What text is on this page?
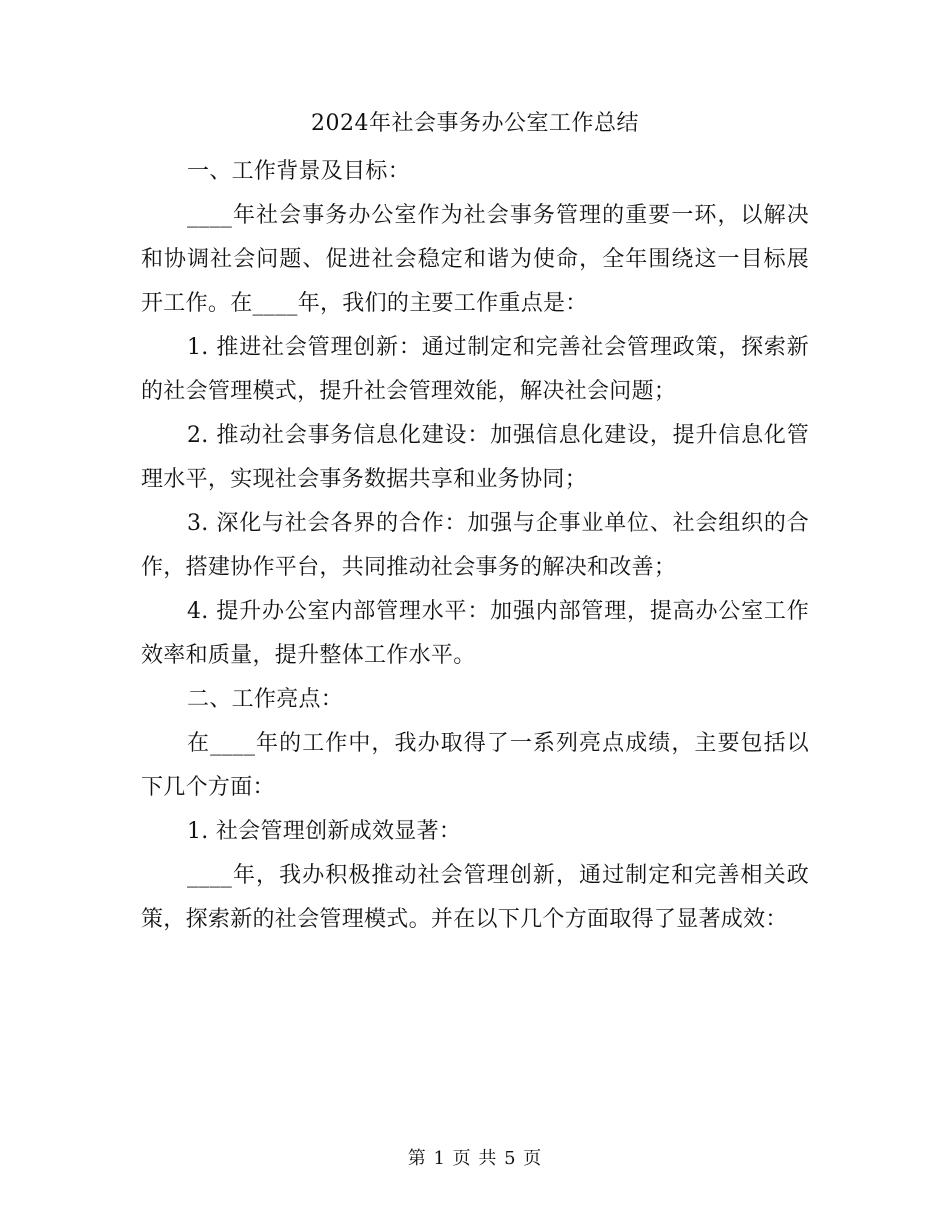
2024年社会事务办公室工作总结

一、工作背景及目标：

____年社会事务办公室作为社会事务管理的重要一环，以解决和协调社会问题、促进社会稳定和谐为使命，全年围绕这一目标展开工作。在____年，我们的主要工作重点是：

1. 推进社会管理创新：通过制定和完善社会管理政策，探索新的社会管理模式，提升社会管理效能，解决社会问题；

2. 推动社会事务信息化建设：加强信息化建设，提升信息化管理水平，实现社会事务数据共享和业务协同；

3. 深化与社会各界的合作：加强与企事业单位、社会组织的合作，搭建协作平台，共同推动社会事务的解决和改善；

4. 提升办公室内部管理水平：加强内部管理，提高办公室工作效率和质量，提升整体工作水平。

二、工作亮点：

在____年的工作中，我办取得了一系列亮点成绩，主要包括以下几个方面：

1. 社会管理创新成效显著：

____年，我办积极推动社会管理创新，通过制定和完善相关政策，探索新的社会管理模式。并在以下几个方面取得了显著成效：

第 1 页 共 5 页
